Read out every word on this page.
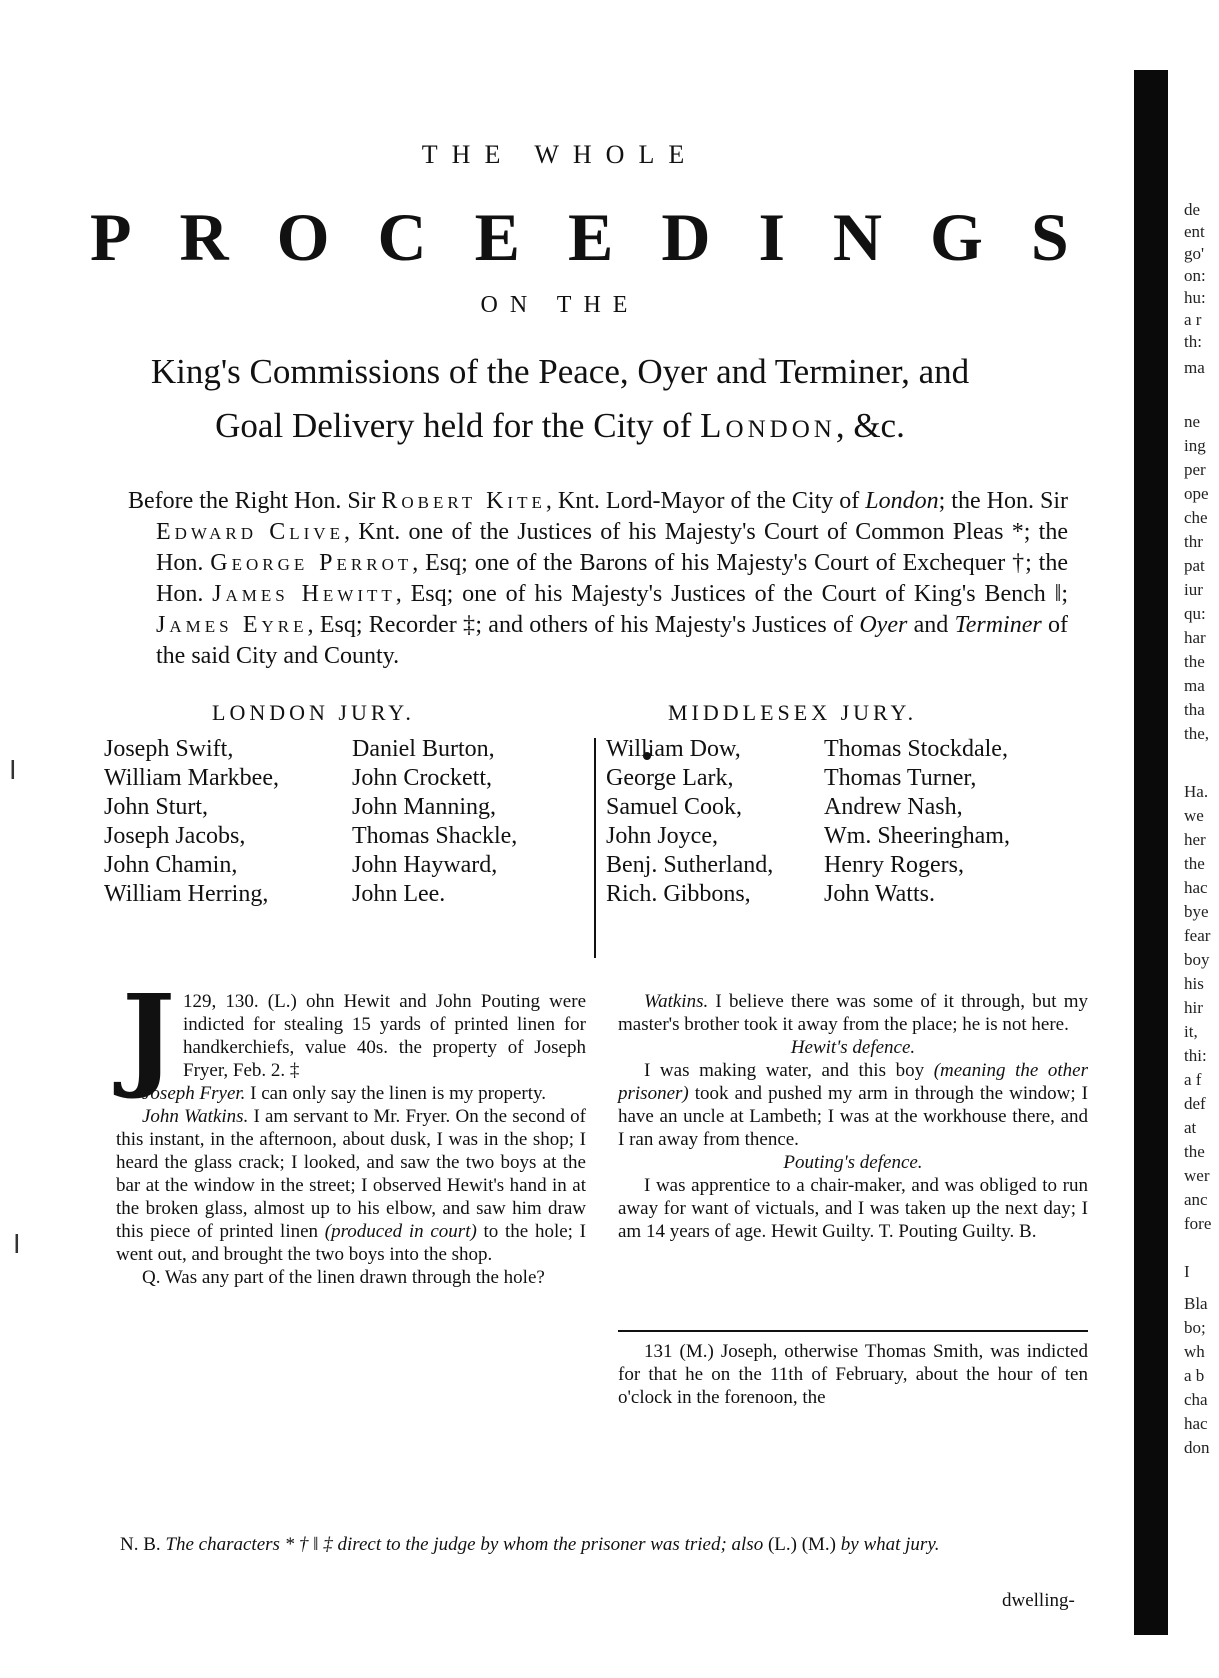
THE WHOLE
PROCEEDINGS
ON THE
King's Commissions of the Peace, Oyer and Terminer, and
Goal Delivery held for the City of London, &c.
Before the Right Hon. Sir Robert Kite, Knt. Lord-Mayor of the City of London; the Hon. Sir Edward Clive, Knt. one of the Justices of his Majesty's Court of Common Pleas *; the Hon. George Perrot, Esq; one of the Barons of his Majesty's Court of Exchequer †; the Hon. James Hewitt, Esq; one of his Majesty's Justices of the Court of King's Bench ‖; James Eyre, Esq; Recorder ‡; and others of his Majesty's Justices of Oyer and Terminer of the said City and County.
LONDON JURY.	MIDDLESEX JURY.
Joseph Swift,
William Markbee,
John Sturt,
Joseph Jacobs,
John Chamin,
William Herring,
Daniel Burton,
John Crockett,
John Manning,
Thomas Shackle,
John Hayward,
John Lee.
William Dow,
George Lark,
Samuel Cook,
John Joyce,
Benj. Sutherland,
Rich. Gibbons,
Thomas Stockdale,
Thomas Turner,
Andrew Nash,
Wm. Sheeringham,
Henry Rogers,
John Watts.

129, 130. (L.)
J	ohn Hewit and John Pouting were indicted for stealing 15 yards of printed linen for handkerchiefs, value 40s. the property of Joseph Fryer, Feb. 2. ‡

Joseph Fryer. I can only say the linen is my property.

John Watkins. I am servant to Mr. Fryer. On the second of this instant, in the afternoon, about dusk, I was in the shop; I heard the glass crack; I looked, and saw the two boys at the bar at the window in the street; I observed Hewit's hand in at the broken glass, almost up to his elbow, and saw him draw this piece of printed linen (produced in court) to the hole; I went out, and brought the two boys into the shop.

Q. Was any part of the linen drawn through the hole?

Watkins. I believe there was some of it through, but my master's brother took it away from the place; he is not here.

Hewit's defence.

I was making water, and this boy (meaning the other prisoner) took and pushed my arm in through the window; I have an uncle at Lambeth; I was at the workhouse there, and I ran away from thence.

Pouting's defence.

I was apprentice to a chair-maker, and was obliged to run away for want of victuals, and I was taken up the next day; I am 14 years of age. Hewit Guilty. T. Pouting Guilty. B.

131 (M.) Joseph, otherwise Thomas Smith, was indicted for that he on the 11th of February, about the hour of ten o'clock in the forenoon, the

N. B. The characters * † ‖ ‡ direct to the judge by whom the prisoner was tried; also (L.) (M.) by what jury.
dwelling-
de
ent
go'
on:
hu:
a r
th:
ma
ne
ing
per
ope
che
thr
pat
iur
qu:
har
the
ma
tha
the,
Ha.
we
her
the
hac
bye
fear
boy
his
hir
it,
thi:
a f
def
at
the
wer
anc
fore
I
Bla
bo;
wh
a b
cha
hac
don
┃
┃
